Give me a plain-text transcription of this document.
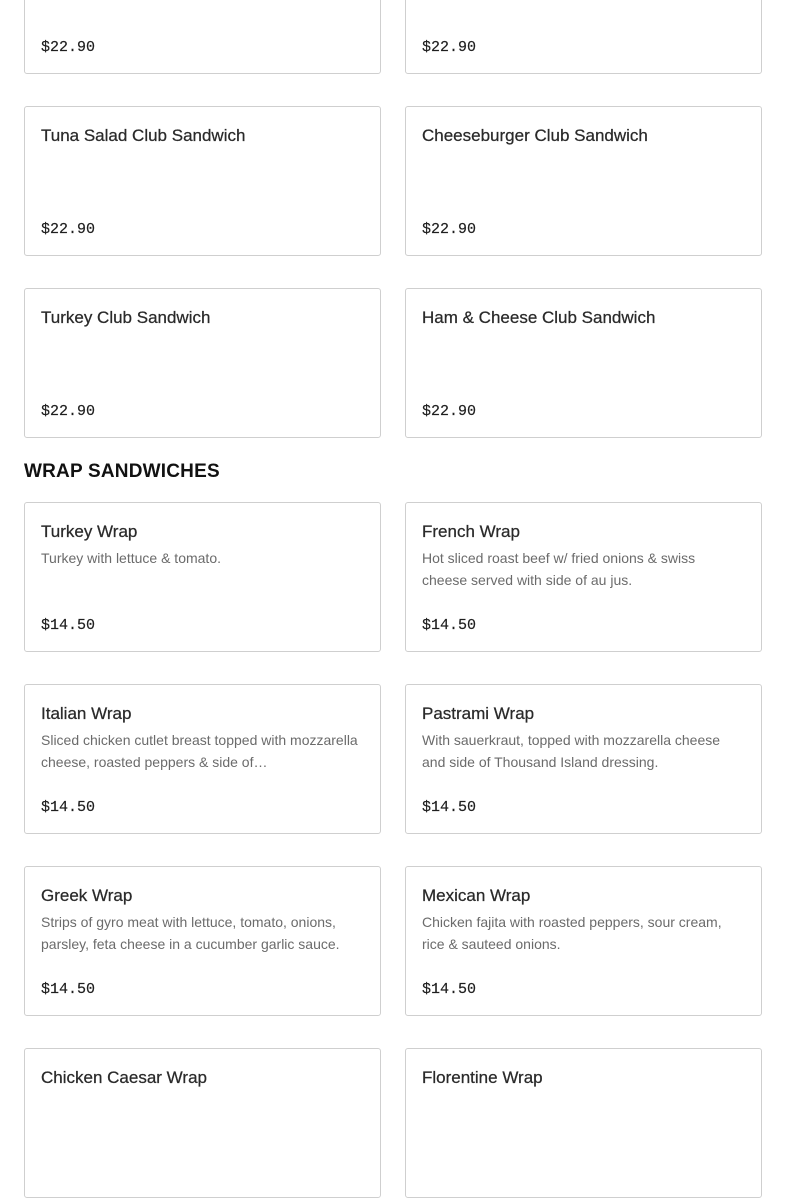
$22.90	$22.90
Tuna Salad Club Sandwich
$22.90
Cheeseburger Club Sandwich
$22.90
Turkey Club Sandwich
$22.90
Ham & Cheese Club Sandwich
$22.90
WRAP SANDWICHES
Turkey Wrap
Turkey with lettuce & tomato.
$14.50
French Wrap
Hot sliced roast beef w/ fried onions & swiss cheese served with side of au jus.
$14.50
Italian Wrap
Sliced chicken cutlet breast topped with mozzarella cheese, roasted peppers & side of…
$14.50
Pastrami Wrap
With sauerkraut, topped with mozzarella cheese and side of Thousand Island dressing.
$14.50
Greek Wrap
Strips of gyro meat with lettuce, tomato, onions, parsley, feta cheese in a cucumber garlic sauce.
$14.50
Mexican Wrap
Chicken fajita with roasted peppers, sour cream, rice & sauteed onions.
$14.50
Chicken Caesar Wrap	Florentine Wrap
